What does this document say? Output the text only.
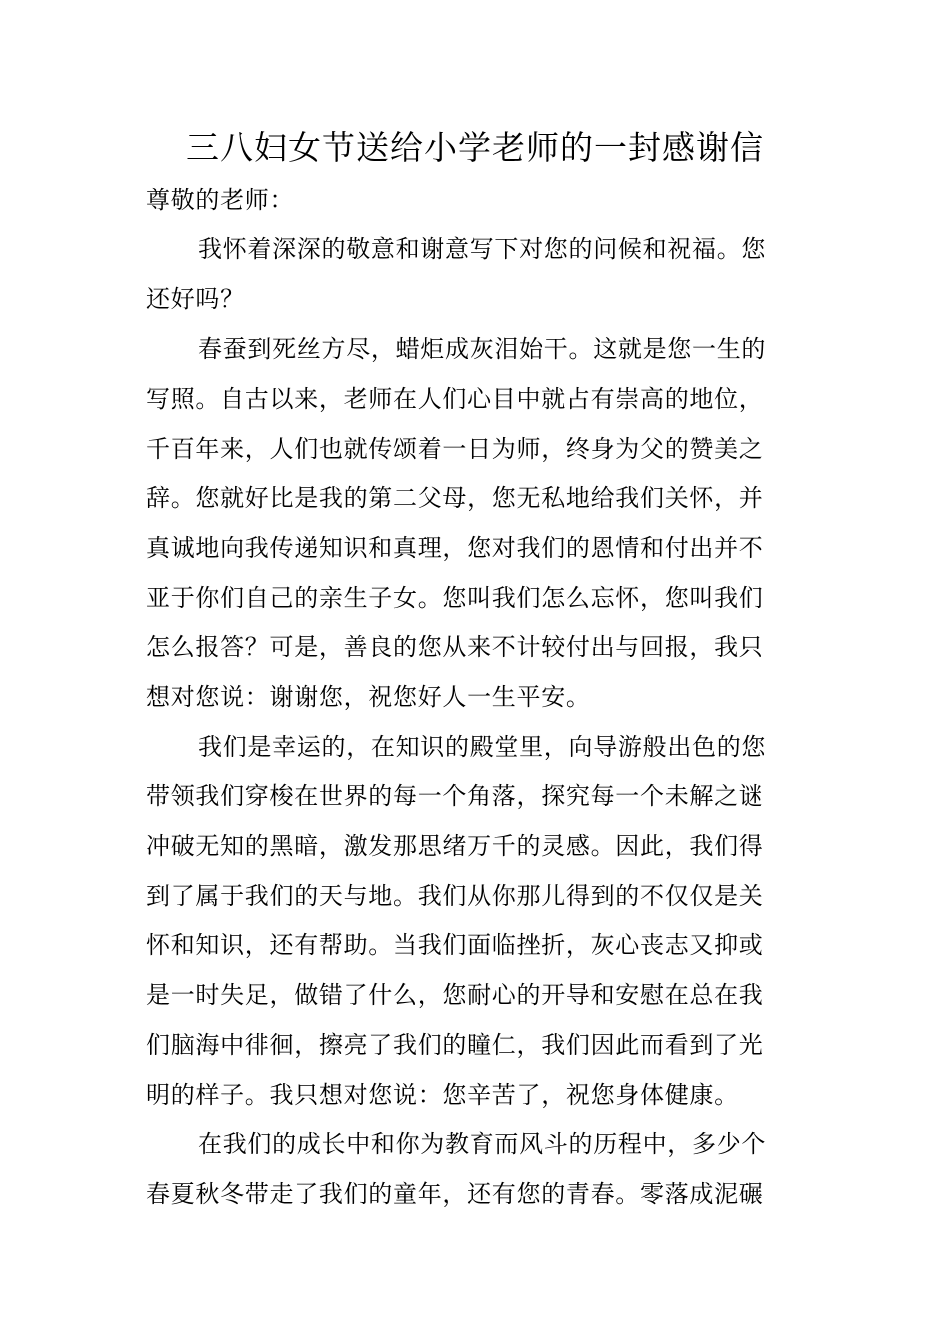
三八妇女节送给小学老师的一封感谢信
尊敬的老师：
我怀着深深的敬意和谢意写下对您的问候和祝福。您
还好吗？
春蚕到死丝方尽，蜡炬成灰泪始干。这就是您一生的
写照。自古以来，老师在人们心目中就占有崇高的地位，
千百年来，人们也就传颂着一日为师，终身为父的赞美之
辞。您就好比是我的第二父母，您无私地给我们关怀，并
真诚地向我传递知识和真理，您对我们的恩情和付出并不
亚于你们自己的亲生子女。您叫我们怎么忘怀，您叫我们
怎么报答？可是，善良的您从来不计较付出与回报，我只
想对您说：谢谢您，祝您好人一生平安。
我们是幸运的，在知识的殿堂里，向导游般出色的您
带领我们穿梭在世界的每一个角落，探究每一个未解之谜
冲破无知的黑暗，激发那思绪万千的灵感。因此，我们得
到了属于我们的天与地。我们从你那儿得到的不仅仅是关
怀和知识，还有帮助。当我们面临挫折，灰心丧志又抑或
是一时失足，做错了什么，您耐心的开导和安慰在总在我
们脑海中徘徊，擦亮了我们的瞳仁，我们因此而看到了光
明的样子。我只想对您说：您辛苦了，祝您身体健康。
在我们的成长中和你为教育而风斗的历程中，多少个
春夏秋冬带走了我们的童年，还有您的青春。零落成泥碾
